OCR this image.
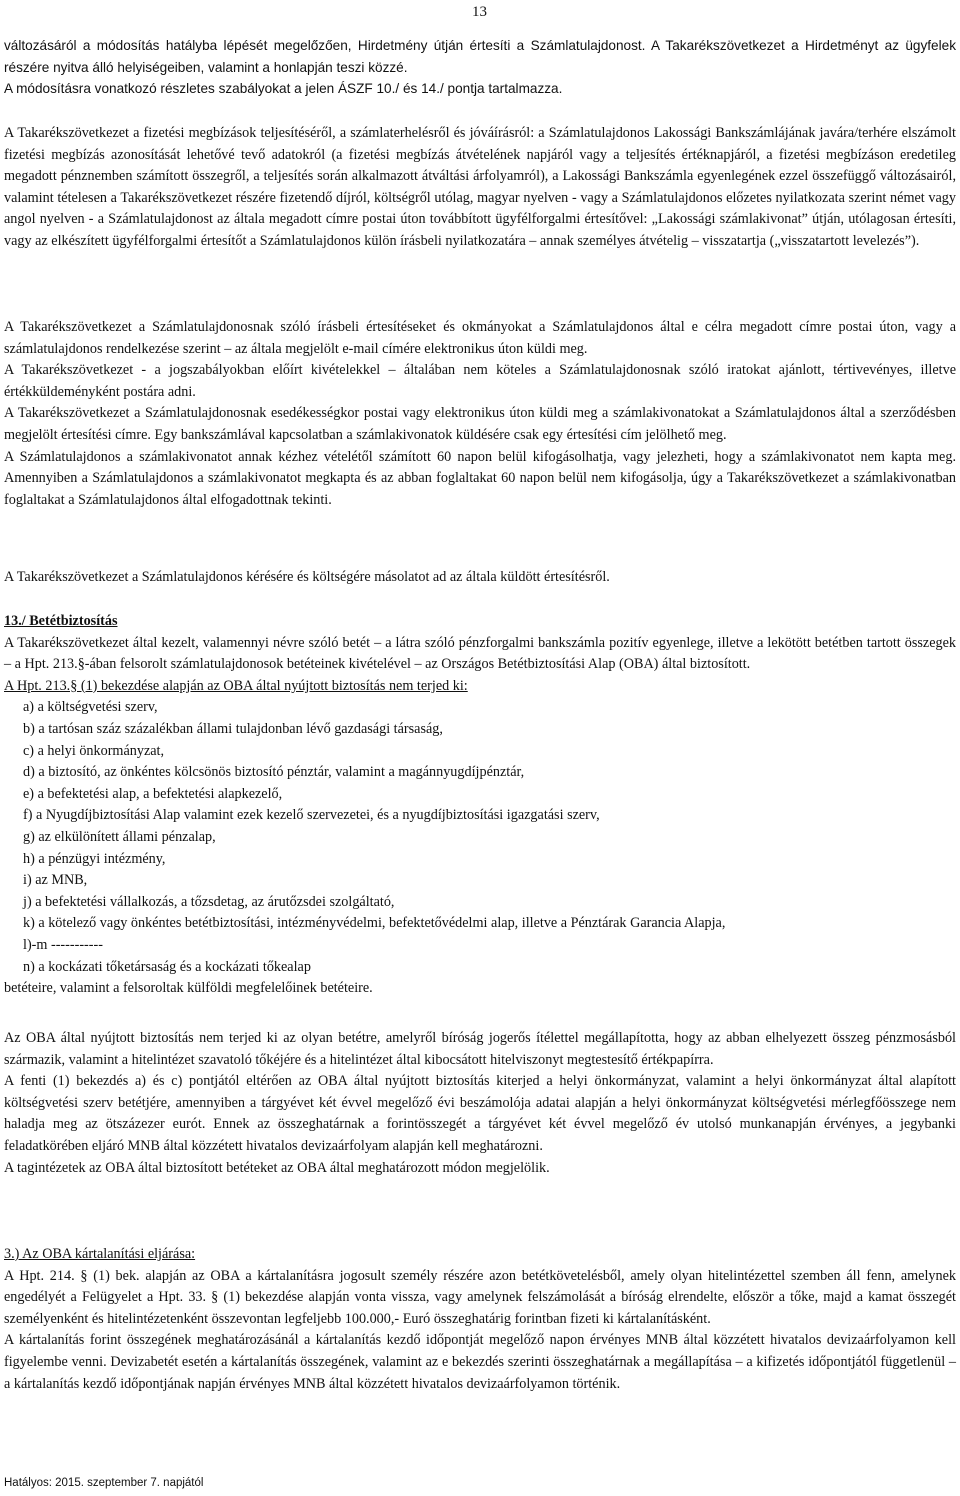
13

változásáról a módosítás hatályba lépését megelőzően, Hirdetmény útján értesíti a Számlatulajdonost. A Takarékszövetkezet a Hirdetményt az ügyfelek részére nyitva álló helyiségeiben, valamint a honlapján teszi közzé.

A módosításra vonatkozó részletes szabályokat a jelen ÁSZF 10./ és 14./ pontja tartalmazza.

A Takarékszövetkezet a fizetési megbízások teljesítéséről, a számlaterhelésről és jóváírásról: a Számlatulajdonos Lakossági Bankszámlájának javára/terhére elszámolt fizetési megbízás azonosítását lehetővé tevő adatokról (a fizetési megbízás átvételének napjáról vagy a teljesítés értéknapjáról, a fizetési megbízáson eredetileg megadott pénznemben számított összegről, a teljesítés során alkalmazott átváltási árfolyamról), a Lakossági Bankszámla egyenlegének ezzel összefüggő változásairól, valamint tételesen a Takarékszövetkezet részére fizetendő díjról, költségről utólag, magyar nyelven - vagy a Számlatulajdonos előzetes nyilatkozata szerint német vagy angol nyelven - a Számlatulajdonost az általa megadott címre postai úton továbbított ügyfélforgalmi értesítővel: „Lakossági számlakivonat” útján, utólagosan értesíti, vagy az elkészített ügyfélforgalmi értesítőt a Számlatulajdonos külön írásbeli nyilatkozatára – annak személyes átvételig – visszatartja („visszatartott levelezés”).

A Takarékszövetkezet a Számlatulajdonosnak szóló írásbeli értesítéseket és okmányokat a Számlatulajdonos által e célra megadott címre postai úton, vagy a számlatulajdonos rendelkezése szerint – az általa megjelölt e-mail címére elektronikus úton küldi meg.

A Takarékszövetkezet - a jogszabályokban előírt kivételekkel – általában nem köteles a Számlatulajdonosnak szóló iratokat ajánlott, tértivevényes, illetve értékküldeményként postára adni.

A Takarékszövetkezet a Számlatulajdonosnak esedékességkor postai vagy elektronikus úton küldi meg a számlakivonatokat a Számlatulajdonos által a szerződésben megjelölt értesítési címre. Egy bankszámlával kapcsolatban a számlakivonatok küldésére csak egy értesítési cím jelölhető meg.

A Számlatulajdonos a számlakivonatot annak kézhez vételétől számított 60 napon belül kifogásolhatja, vagy jelezheti, hogy a számlakivonatot nem kapta meg. Amennyiben a Számlatulajdonos a számlakivonatot megkapta és az abban foglaltakat 60 napon belül nem kifogásolja, úgy a Takarékszövetkezet a számlakivonatban foglaltakat a Számlatulajdonos által elfogadottnak tekinti.

A Takarékszövetkezet a Számlatulajdonos kérésére és költségére másolatot ad az általa küldött értesítésről.

13./ Betétbiztosítás

A Takarékszövetkezet által kezelt, valamennyi névre szóló betét – a látra szóló pénzforgalmi bankszámla pozitív egyenlege, illetve a lekötött betétben tartott összegek – a Hpt. 213.§-ában felsorolt számlatulajdonosok betéteinek kivételével – az Országos Betétbiztosítási Alap (OBA) által biztosított.

A Hpt. 213.§ (1) bekezdése alapján az OBA által nyújtott biztosítás nem terjed ki:

a) a költségvetési szerv,

b) a tartósan száz százalékban állami tulajdonban lévő gazdasági társaság,

c) a helyi önkormányzat,

d) a biztosító, az önkéntes kölcsönös biztosító pénztár, valamint a magánnyugdíjpénztár,

e) a befektetési alap, a befektetési alapkezelő,

f) a Nyugdíjbiztosítási Alap valamint ezek kezelő szervezetei, és a nyugdíjbiztosítási igazgatási szerv,

g) az elkülönített állami pénzalap,

h) a pénzügyi intézmény,

i) az MNB,

j) a befektetési vállalkozás, a tőzsdetag, az árutőzsdei szolgáltató,

k) a kötelező vagy önkéntes betétbiztosítási, intézményvédelmi, befektetővédelmi alap, illetve a Pénztárak Garancia Alapja,

l)-m -----------

n) a kockázati tőketársaság és a kockázati tőkealap

betéteire, valamint a felsoroltak külföldi megfelelőinek betéteire.

Az OBA által nyújtott biztosítás nem terjed ki az olyan betétre, amelyről bíróság jogerős ítélettel megállapította, hogy az abban elhelyezett összeg pénzmosásból származik, valamint a hitelintézet szavatoló tőkéjére és a hitelintézet által kibocsátott hitelviszonyt megtestesítő értékpapírra.

A fenti (1) bekezdés a) és c) pontjától eltérően az OBA által nyújtott biztosítás kiterjed a helyi önkormányzat, valamint a helyi önkormányzat által alapított költségvetési szerv betétjére, amennyiben a tárgyévet két évvel megelőző évi beszámolója adatai alapján a helyi önkormányzat költségvetési mérlegfőösszege nem haladja meg az ötszázezer eurót. Ennek az összeghatárnak a forintösszegét a tárgyévet két évvel megelőző év utolsó munkanapján érvényes, a jegybanki feladatkörében eljáró MNB által közzétett hivatalos devizaárfolyam alapján kell meghatározni.

A tagintézetek az OBA által biztosított betéteket az OBA által meghatározott módon megjelölik.

3.) Az OBA kártalanítási eljárása:

A Hpt. 214. § (1) bek. alapján az OBA a kártalanításra jogosult személy részére azon betétkövetelésből, amely olyan hitelintézettel szemben áll fenn, amelynek engedélyét a Felügyelet a Hpt. 33. § (1) bekezdése alapján vonta vissza, vagy amelynek felszámolását a bíróság elrendelte, először a tőke, majd a kamat összegét személyenként és hitelintézetenként összevontan legfeljebb 100.000,- Euró összeghatárig forintban fizeti ki kártalanításként.

A kártalanítás forint összegének meghatározásánál a kártalanítás kezdő időpontját megelőző napon érvényes MNB által közzétett hivatalos devizaárfolyamon kell figyelembe venni. Devizabetét esetén a kártalanítás összegének, valamint az e bekezdés szerinti összeghatárnak a megállapítása – a kifizetés időpontjától függetlenül – a kártalanítás kezdő időpontjának napján érvényes MNB által közzétett hivatalos devizaárfolyamon történik.

Hatályos: 2015. szeptember 7. napjától
